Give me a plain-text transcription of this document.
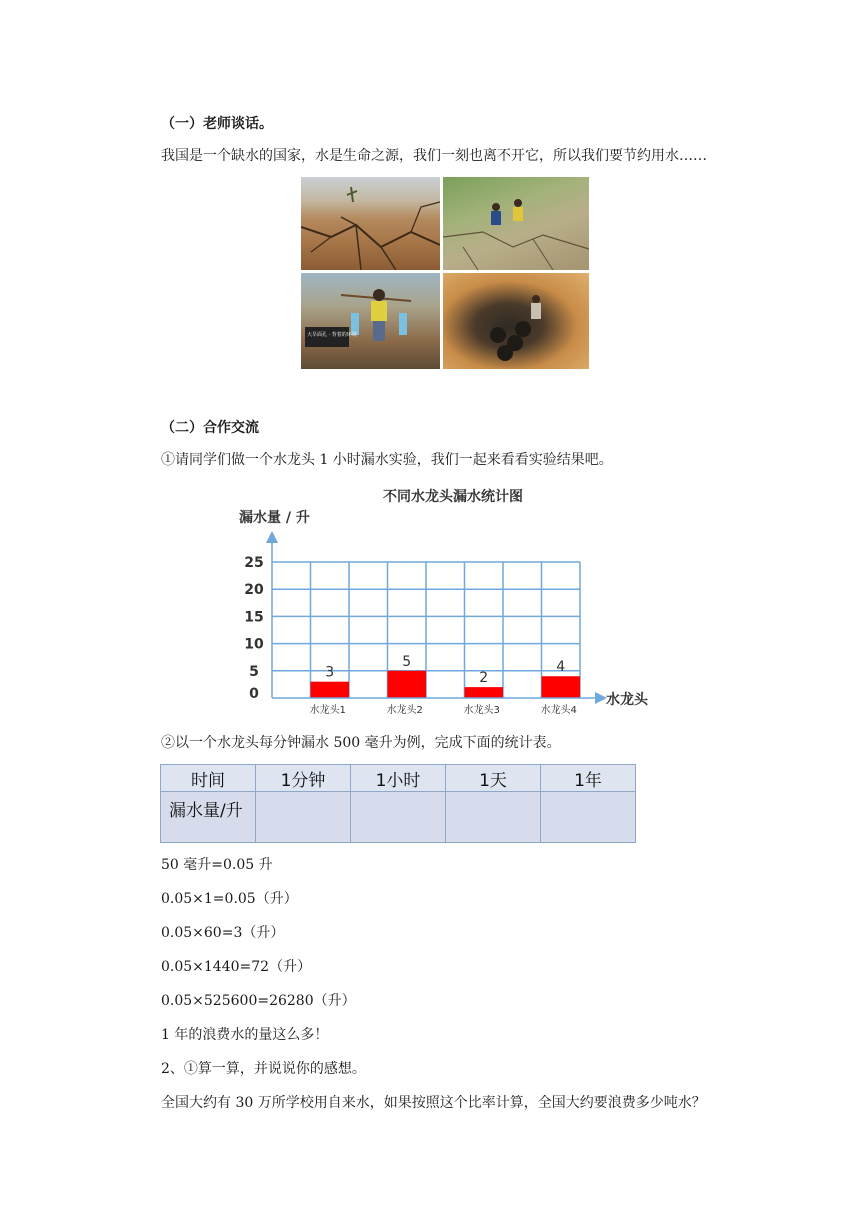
（一）老师谈话。

我国是一个缺水的国家，水是生命之源，我们一刻也离不开它，所以我们要节约用水……

大旱面孔 · 背着的环境

（二）合作交流

①请同学们做一个水龙头 1 小时漏水实验，我们一起来看看实验结果吧。

不同水龙头漏水统计图
漏水量 / 升
0
5
10
15
20
25
3
5
2
4
水龙头1	水龙头2	水龙头3	水龙头4
水龙头

②以一个水龙头每分钟漏水 500 毫升为例，完成下面的统计表。

时间	1分钟	1小时	1天	1年
漏水量/升				

50 毫升=0.05 升

0.05×1=0.05（升）

0.05×60=3（升）

0.05×1440=72（升）

0.05×525600=26280（升）

1 年的浪费水的量这么多！

2、①算一算，并说说你的感想。

全国大约有 30 万所学校用自来水，如果按照这个比率计算，全国大约要浪费多少吨水？
